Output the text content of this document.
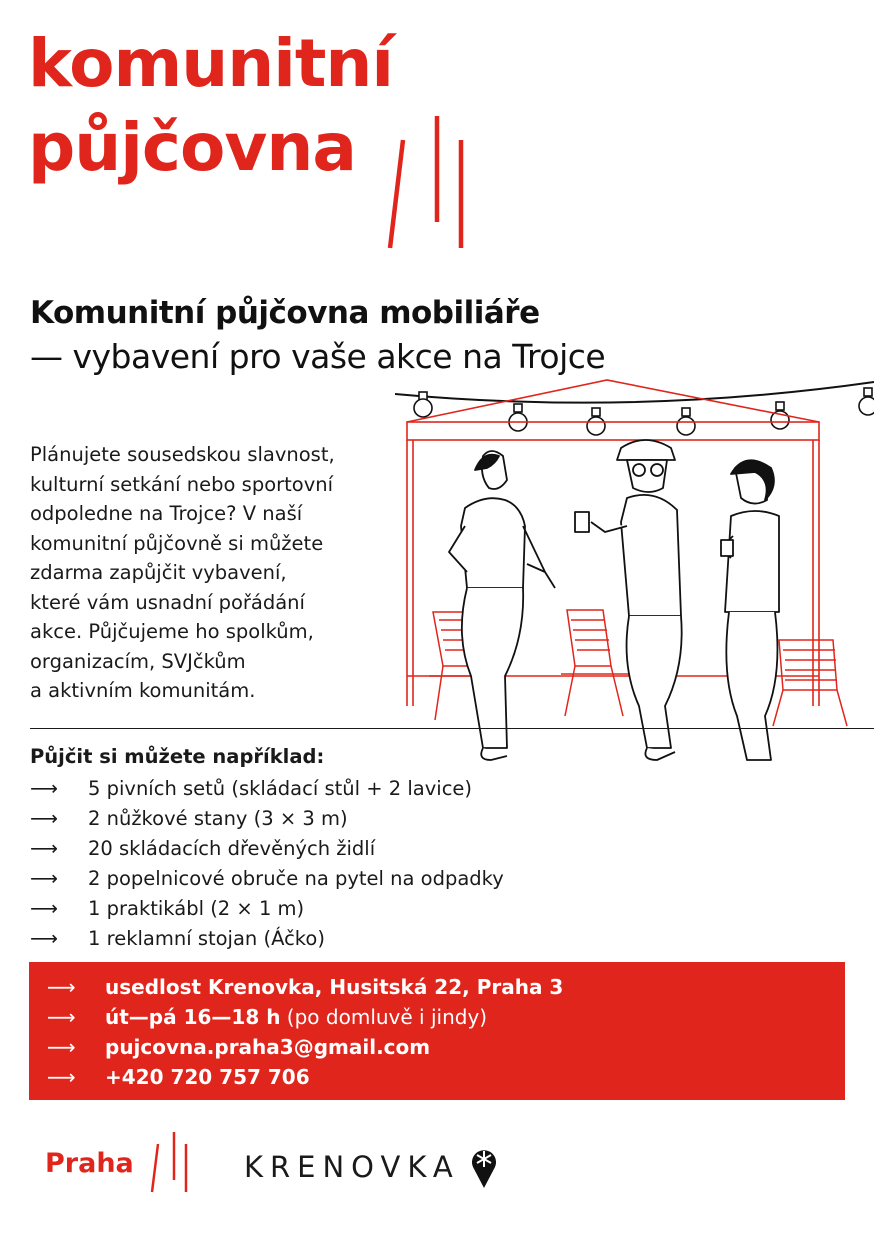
komunitní
půjčovna
Komunitní půjčovna mobiliáře
— vybavení pro vaše akce na Trojce
Plánujete sousedskou slavnost,
kulturní setkání nebo sportovní
odpoledne na Trojce? V naší
komunitní půjčovně si můžete
zdarma zapůjčit vybavení,
které vám usnadní pořádání
akce. Půjčujeme ho spolkům,
organizacím, SVJčkům
a aktivním komunitám.
Půjčit si můžete například:
⟶ 5 pivních setů (skládací stůl + 2 lavice)
⟶ 2 nůžkové stany (3 × 3 m)
⟶ 20 skládacích dřevěných židlí
⟶ 2 popelnicové obruče na pytel na odpadky
⟶ 1 praktikábl (2 × 1 m)
⟶ 1 reklamní stojan (Áčko)
⟶ usedlost Krenovka, Husitská 22, Praha 3
⟶ út—pá 16—18 h (po domluvě i jindy)
⟶ pujcovna.praha3@gmail.com
⟶ +420 720 757 706
Praha	KRENOVKA
